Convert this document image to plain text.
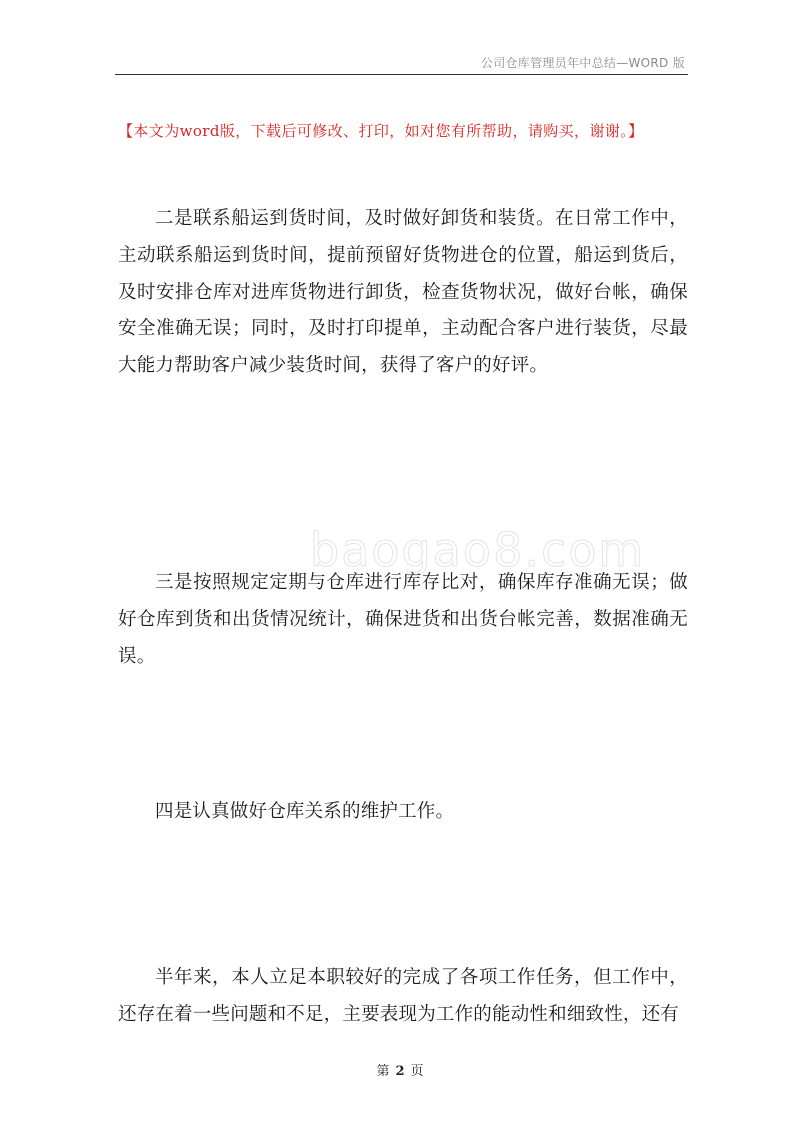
公司仓库管理员年中总结—WORD 版
【本文为word版，下载后可修改、打印，如对您有所帮助，请购买，谢谢。】
baogao8.com

二是联系船运到货时间，及时做好卸货和装货。在日常工作中，主动联系船运到货时间，提前预留好货物进仓的位置，船运到货后，及时安排仓库对进库货物进行卸货，检查货物状况，做好台帐，确保安全准确无误；同时，及时打印提单，主动配合客户进行装货，尽最大能力帮助客户减少装货时间，获得了客户的好评。

三是按照规定定期与仓库进行库存比对，确保库存准确无误；做好仓库到货和出货情况统计，确保进货和出货台帐完善，数据准确无误。

四是认真做好仓库关系的维护工作。

半年来，本人立足本职较好的完成了各项工作任务，但工作中，还存在着一些问题和不足，主要表现为工作的能动性和细致性，还有

第 2 页
